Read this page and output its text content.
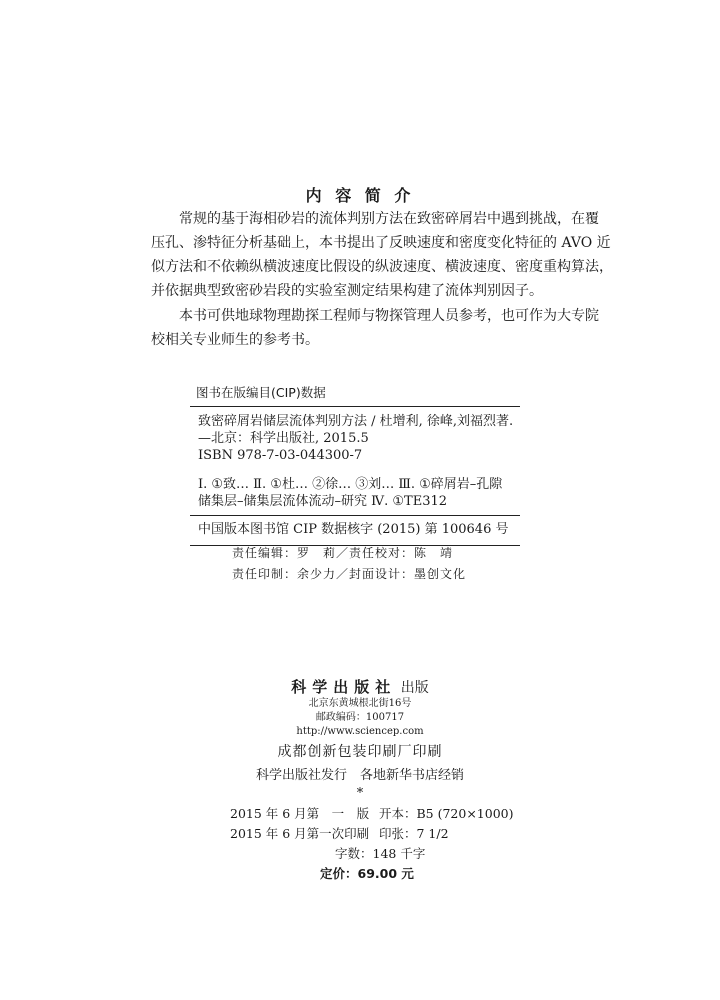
内 容 简 介
常规的基于海相砂岩的流体判别方法在致密碎屑岩中遇到挑战，在覆
压孔、渗特征分析基础上，本书提出了反映速度和密度变化特征的 AVO 近
似方法和不依赖纵横波速度比假设的纵波速度、横波速度、密度重构算法，
并依据典型致密砂岩段的实验室测定结果构建了流体判别因子。
本书可供地球物理勘探工程师与物探管理人员参考，也可作为大专院
校相关专业师生的参考书。
图书在版编目(CIP)数据
致密碎屑岩储层流体判别方法 / 杜增利, 徐峰,刘福烈著.
—北京：科学出版社, 2015.5
ISBN 978-7-03-044300-7
Ⅰ. ①致… Ⅱ. ①杜… ②徐… ③刘… Ⅲ. ①碎屑岩–孔隙
储集层–储集层流体流动–研究 Ⅳ. ①TE312
中国版本图书馆 CIP 数据核字 (2015) 第 100646 号
责任编辑：罗　莉／责任校对：陈　靖
责任印制：余少力／封面设计：墨创文化
科学出版社 出版
北京东黄城根北街16号
邮政编码：100717
http://www.sciencep.com
成都创新包装印刷厂印刷
科学出版社发行　各地新华书店经销
*
2015 年 6 月第　一　版 开本：B5 (720×1000)
2015 年 6 月第一次印刷 印张：7 1/2
字数：148 千字
定价：69.00 元
